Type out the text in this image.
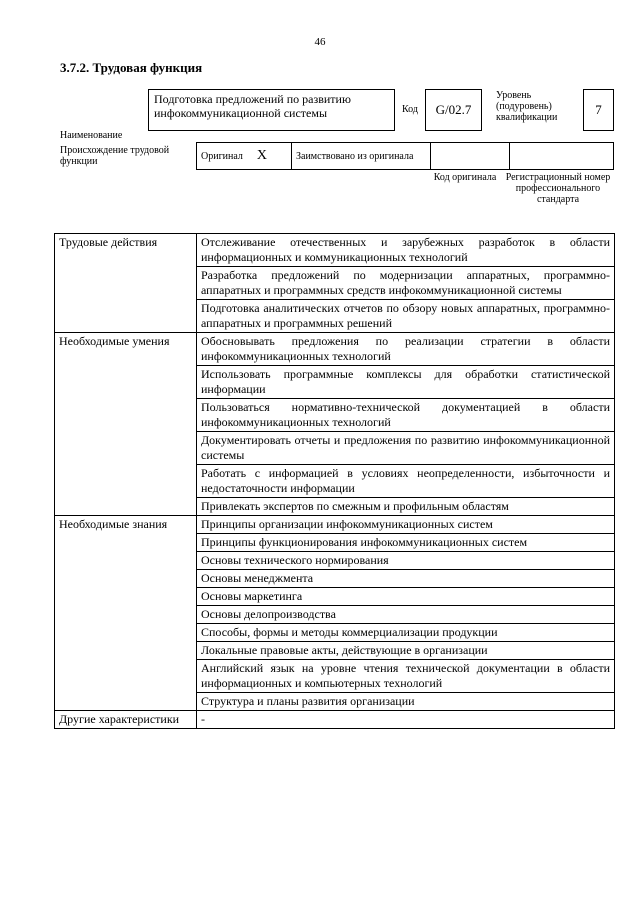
46
3.7.2. Трудовая функция
Наименование
Подготовка предложений по развитию инфокоммуникационной системы	Код	G/02.7
Уровень (подуровень) квалификации
7
Происхождение трудовой функции	Оригинал X	Заимствовано из оригинала		
Код оригинала Регистрационный номер профессионального стандарта
Трудовые действия	Отслеживание отечественных и зарубежных разработок в области информационных и коммуникационных технологий
	Разработка предложений по модернизации аппаратных, программно-аппаратных и программных средств инфокоммуникационной системы
	Подготовка аналитических отчетов по обзору новых аппаратных, программно-аппаратных и программных решений
Необходимые умения	Обосновывать предложения по реализации стратегии в области инфокоммуникационных технологий
	Использовать программные комплексы для обработки статистической информации
	Пользоваться нормативно-технической документацией в области инфокоммуникационных технологий
	Документировать отчеты и предложения по развитию инфокоммуникационной системы
	Работать с информацией в условиях неопределенности, избыточности и недостаточности информации
	Привлекать экспертов по смежным и профильным областям
Необходимые знания	Принципы организации инфокоммуникационных систем
	Принципы функционирования инфокоммуникационных систем
	Основы технического нормирования
	Основы менеджмента
	Основы маркетинга
	Основы делопроизводства
	Способы, формы и методы коммерциализации продукции
	Локальные правовые акты, действующие в организации
	Английский язык на уровне чтения технической документации в области информационных и компьютерных технологий
	Структура и планы развития организации
Другие характеристики	-
